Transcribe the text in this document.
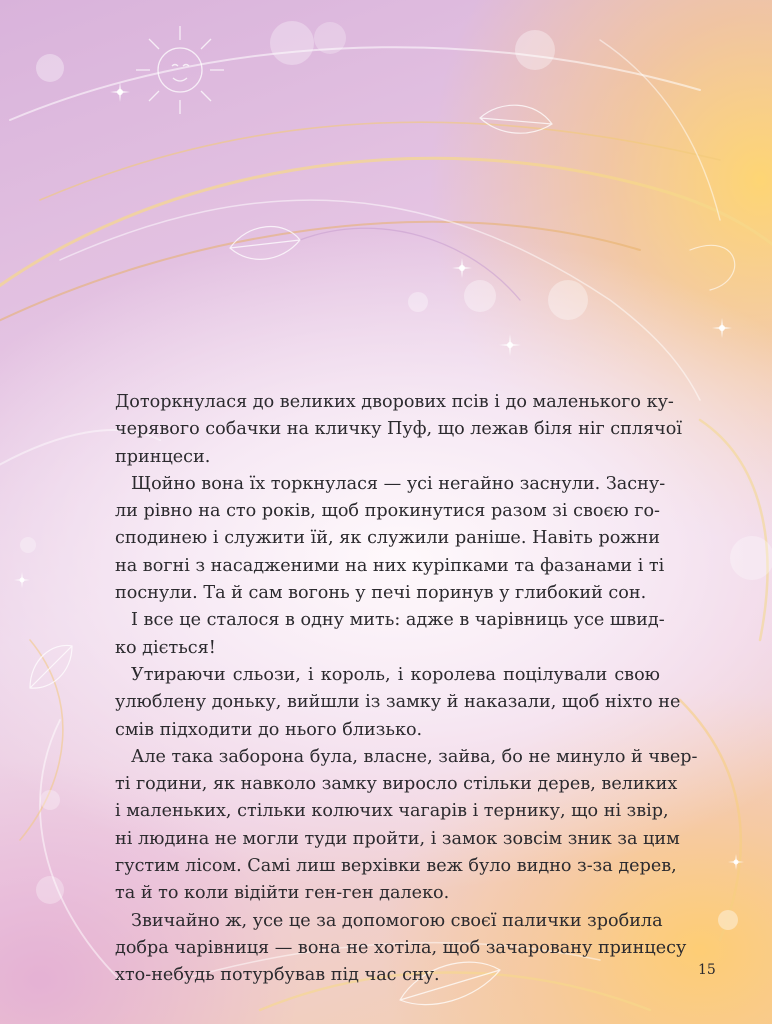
Доторкнулася до великих дворових псів і до маленького ку-
черявого собачки на кличку Пуф, що лежав біля ніг сплячої
принцеси.

Щойно вона їх торкнулася — усі негайно заснули. Засну-
ли рівно на сто років, щоб прокинутися разом зі своєю го-
сподинею і служити їй, як служили раніше. Навіть рожни
на вогні з насадженими на них куріпками та фазанами і ті
поснули. Та й сам вогонь у печі поринув у глибокий сон.

І все це сталося в одну мить: адже в чарівниць усе швид-
ко діється!

Утираючи сльози, і король, і королева поцілували свою
улюблену доньку, вийшли із замку й наказали, щоб ніхто не
смів підходити до нього близько.

Але така заборона була, власне, зайва, бо не минуло й чвер-
ті години, як навколо замку виросло стільки дерев, великих
і маленьких, стільки колючих чагарів і тернику, що ні звір,
ні людина не могли туди пройти, і замок зовсім зник за цим
густим лісом. Самі лиш верхівки веж було видно з-за дерев,
та й то коли відійти ген-ген далеко.

Звичайно ж, усе це за допомогою своєї палички зробила
добра чарівниця — вона не хотіла, щоб зачаровану принцесу
хто-небудь потурбував під час сну.	15
